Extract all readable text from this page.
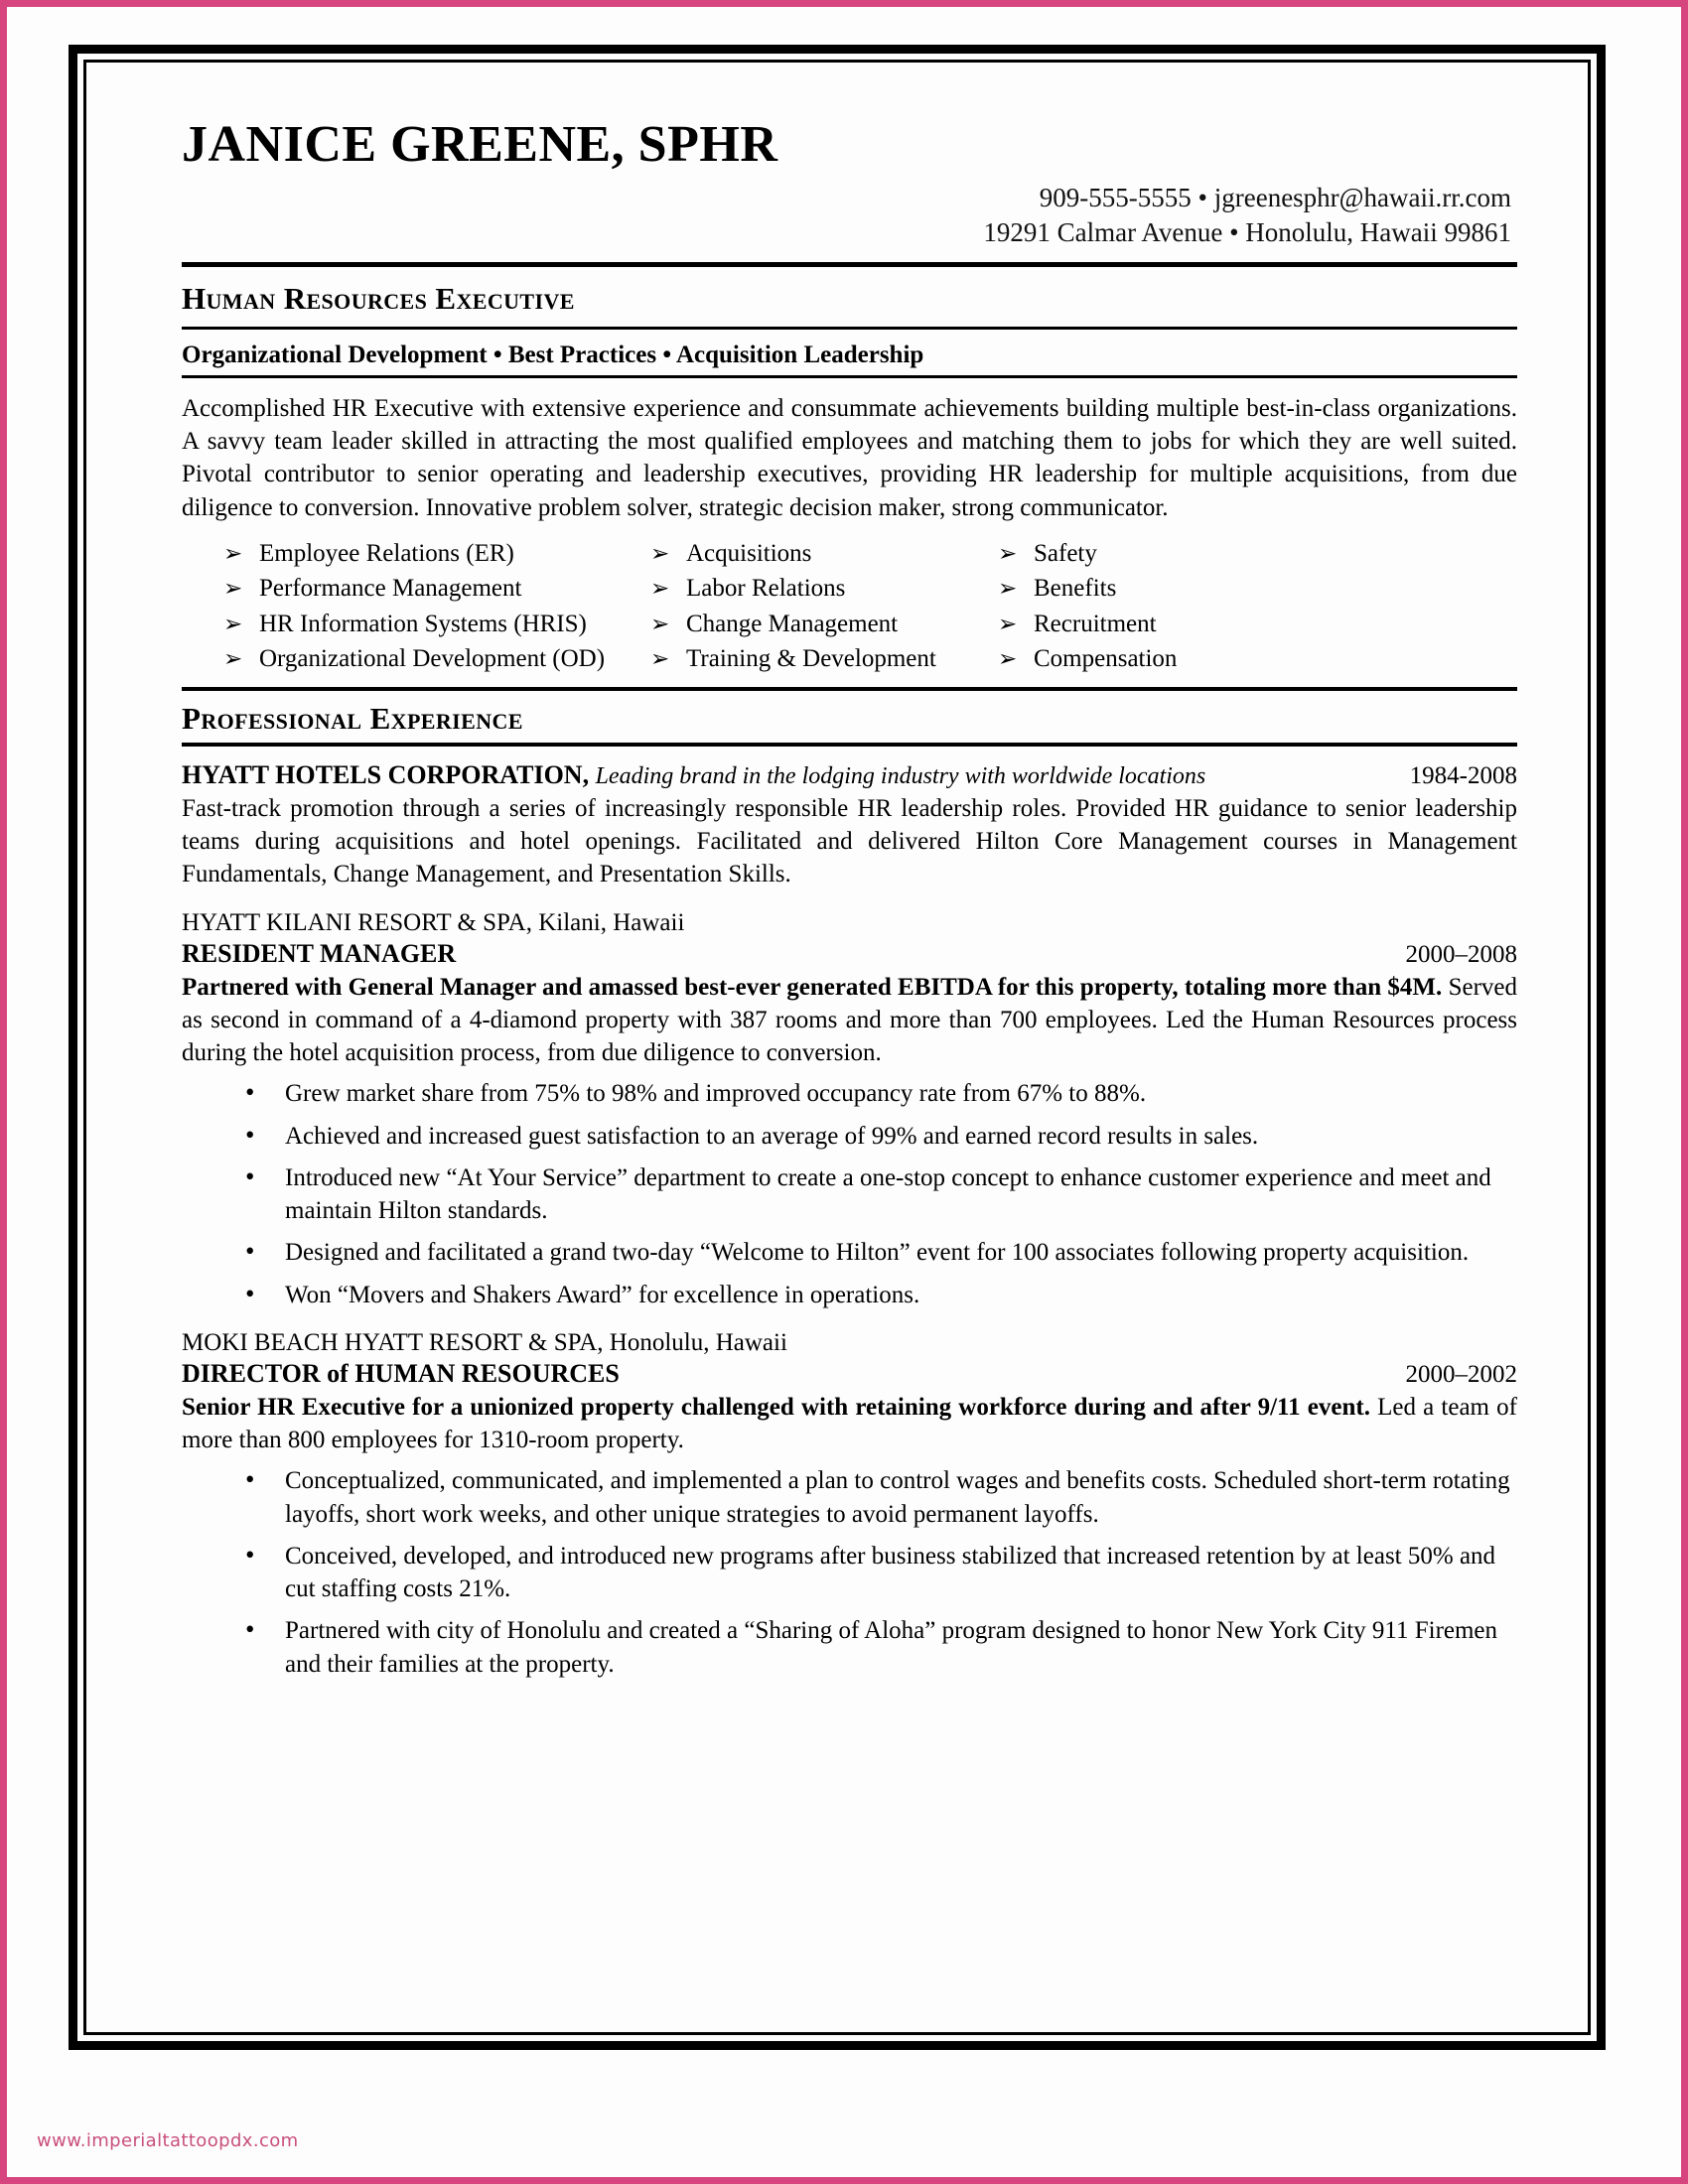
JANICE GREENE, SPHR
909-555-5555 • jgreenesphr@hawaii.rr.com
19291 Calmar Avenue • Honolulu, Hawaii 99861
Human Resources Executive
Organizational Development • Best Practices • Acquisition Leadership
Accomplished HR Executive with extensive experience and consummate achievements building multiple best-in-class organizations. A savvy team leader skilled in attracting the most qualified employees and matching them to jobs for which they are well suited. Pivotal contributor to senior operating and leadership executives, providing HR leadership for multiple acquisitions, from due diligence to conversion. Innovative problem solver, strategic decision maker, strong communicator.
➢ Employee Relations (ER)
➢ Performance Management
➢ HR Information Systems (HRIS)
➢ Organizational Development (OD)
➢ Acquisitions
➢ Labor Relations
➢ Change Management
➢ Training & Development
➢ Safety
➢ Benefits
➢ Recruitment
➢ Compensation
Professional Experience
HYATT HOTELS CORPORATION, Leading brand in the lodging industry with worldwide locations	1984-2008
Fast-track promotion through a series of increasingly responsible HR leadership roles. Provided HR guidance to senior leadership teams during acquisitions and hotel openings. Facilitated and delivered Hilton Core Management courses in Management Fundamentals, Change Management, and Presentation Skills.
HYATT KILANI RESORT & SPA, Kilani, Hawaii
RESIDENT MANAGER	2000–2008
Partnered with General Manager and amassed best-ever generated EBITDA for this property, totaling more than $4M. Served as second in command of a 4-diamond property with 387 rooms and more than 700 employees. Led the Human Resources process during the hotel acquisition process, from due diligence to conversion.
• Grew market share from 75% to 98% and improved occupancy rate from 67% to 88%.
• Achieved and increased guest satisfaction to an average of 99% and earned record results in sales.
• Introduced new “At Your Service” department to create a one-stop concept to enhance customer experience and meet and maintain Hilton standards.
• Designed and facilitated a grand two-day “Welcome to Hilton” event for 100 associates following property acquisition.
• Won “Movers and Shakers Award” for excellence in operations.
MOKI BEACH HYATT RESORT & SPA, Honolulu, Hawaii
DIRECTOR of HUMAN RESOURCES	2000–2002
Senior HR Executive for a unionized property challenged with retaining workforce during and after 9/11 event. Led a team of more than 800 employees for 1310-room property.
• Conceptualized, communicated, and implemented a plan to control wages and benefits costs. Scheduled short-term rotating layoffs, short work weeks, and other unique strategies to avoid permanent layoffs.
• Conceived, developed, and introduced new programs after business stabilized that increased retention by at least 50% and cut staffing costs 21%.
• Partnered with city of Honolulu and created a “Sharing of Aloha” program designed to honor New York City 911 Firemen and their families at the property.
www.imperialtattoopdx.com
